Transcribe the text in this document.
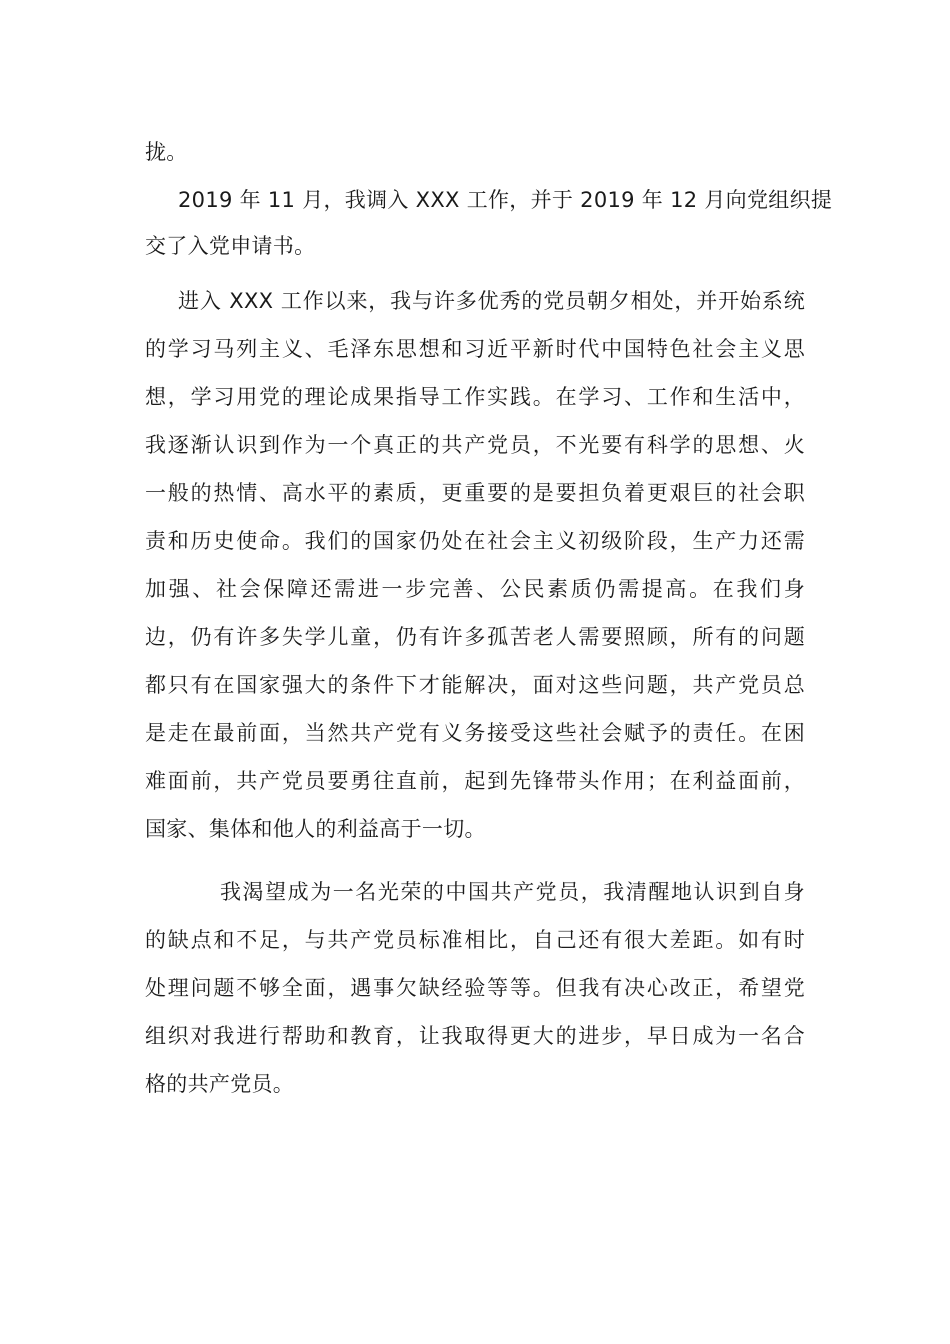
拢。
2019 年 11 月，我调入 XXX 工作，并于 2019 年 12 月向党组织提
交了入党申请书。
进入 XXX 工作以来，我与许多优秀的党员朝夕相处，并开始系统
的学习马列主义、毛泽东思想和习近平新时代中国特色社会主义思
想，学习用党的理论成果指导工作实践。在学习、工作和生活中，
我逐渐认识到作为一个真正的共产党员，不光要有科学的思想、火
一般的热情、高水平的素质，更重要的是要担负着更艰巨的社会职
责和历史使命。我们的国家仍处在社会主义初级阶段，生产力还需
加强、社会保障还需进一步完善、公民素质仍需提高。在我们身
边，仍有许多失学儿童，仍有许多孤苦老人需要照顾，所有的问题
都只有在国家强大的条件下才能解决，面对这些问题，共产党员总
是走在最前面，当然共产党有义务接受这些社会赋予的责任。在困
难面前，共产党员要勇往直前，起到先锋带头作用；在利益面前，
国家、集体和他人的利益高于一切。
我渴望成为一名光荣的中国共产党员，我清醒地认识到自身
的缺点和不足，与共产党员标准相比，自己还有很大差距。如有时
处理问题不够全面，遇事欠缺经验等等。但我有决心改正，希望党
组织对我进行帮助和教育，让我取得更大的进步，早日成为一名合
格的共产党员。
